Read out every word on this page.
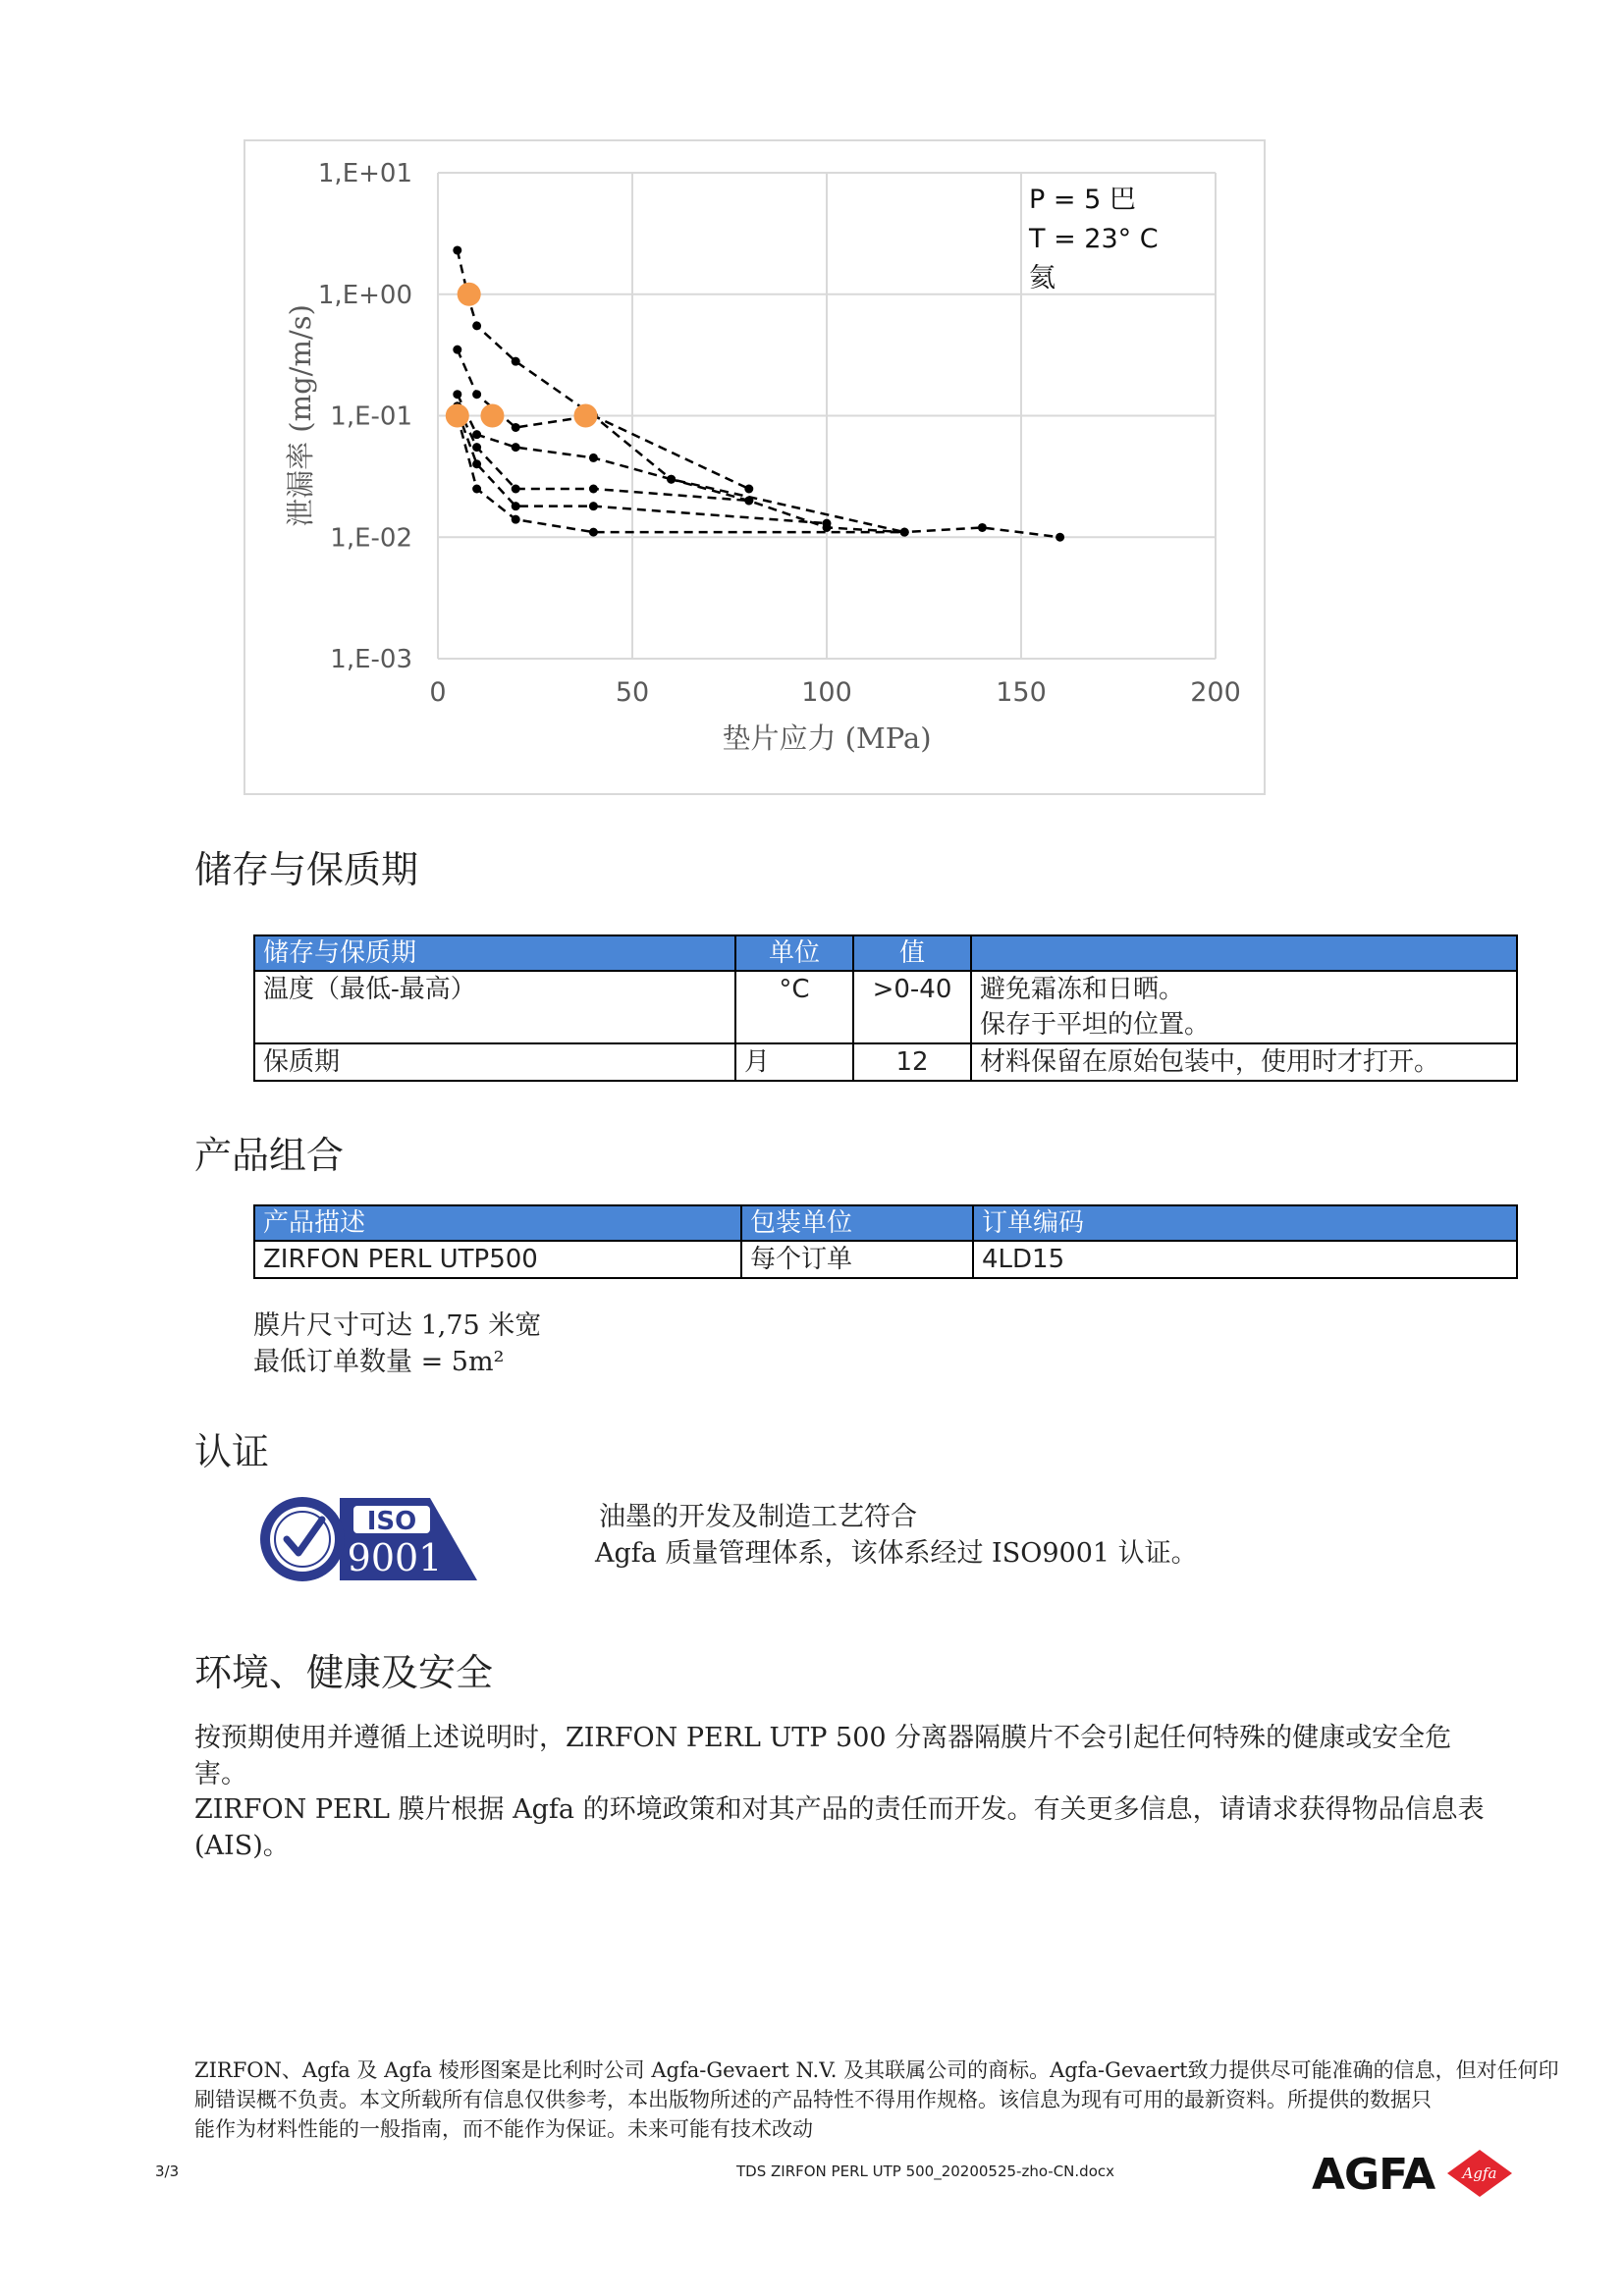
0	50	100	150	200
1,E-03
1,E-02
1,E-01
1,E+00
1,E+01
垫片应力 (MPa)
泄漏率 (mg/m/s)
P = 5 巴
T = 23° C
氦
储存与保质期
储存与保质期	单位	值	
温度（最低-最高）	°C	>0-40	避免霜冻和日晒。
保存于平坦的位置。

保质期	月	12	材料保留在原始包装中，使用时才打开。
产品组合
产品描述	包装单位	订单编码
ZIRFON PERL UTP500	每个订单	4LD15
膜片尺寸可达 1,75 米宽
最低订单数量 = 5m²
认证
ISO
9001
油墨的开发及制造工艺符合
Agfa 质量管理体系，该体系经过 ISO9001 认证。
环境、健康及安全
按预期使用并遵循上述说明时，ZIRFON PERL UTP 500 分离器隔膜片不会引起任何特殊的健康或安全危
害。
ZIRFON PERL 膜片根据 Agfa 的环境政策和对其产品的责任而开发。有关更多信息，请请求获得物品信息表
(AIS)。
ZIRFON、Agfa 及 Agfa 棱形图案是比利时公司 Agfa-Gevaert N.V. 及其联属公司的商标。Agfa-Gevaert致力提供尽可能准确的信息，但对任何印
刷错误概不负责。本文所载所有信息仅供参考，本出版物所述的产品特性不得用作规格。该信息为现有可用的最新资料。所提供的数据只
能作为材料性能的一般指南，而不能作为保证。未来可能有技术改动
3/3	TDS ZIRFON PERL UTP 500_20200525-zho-CN.docx	AGFA Agfa
